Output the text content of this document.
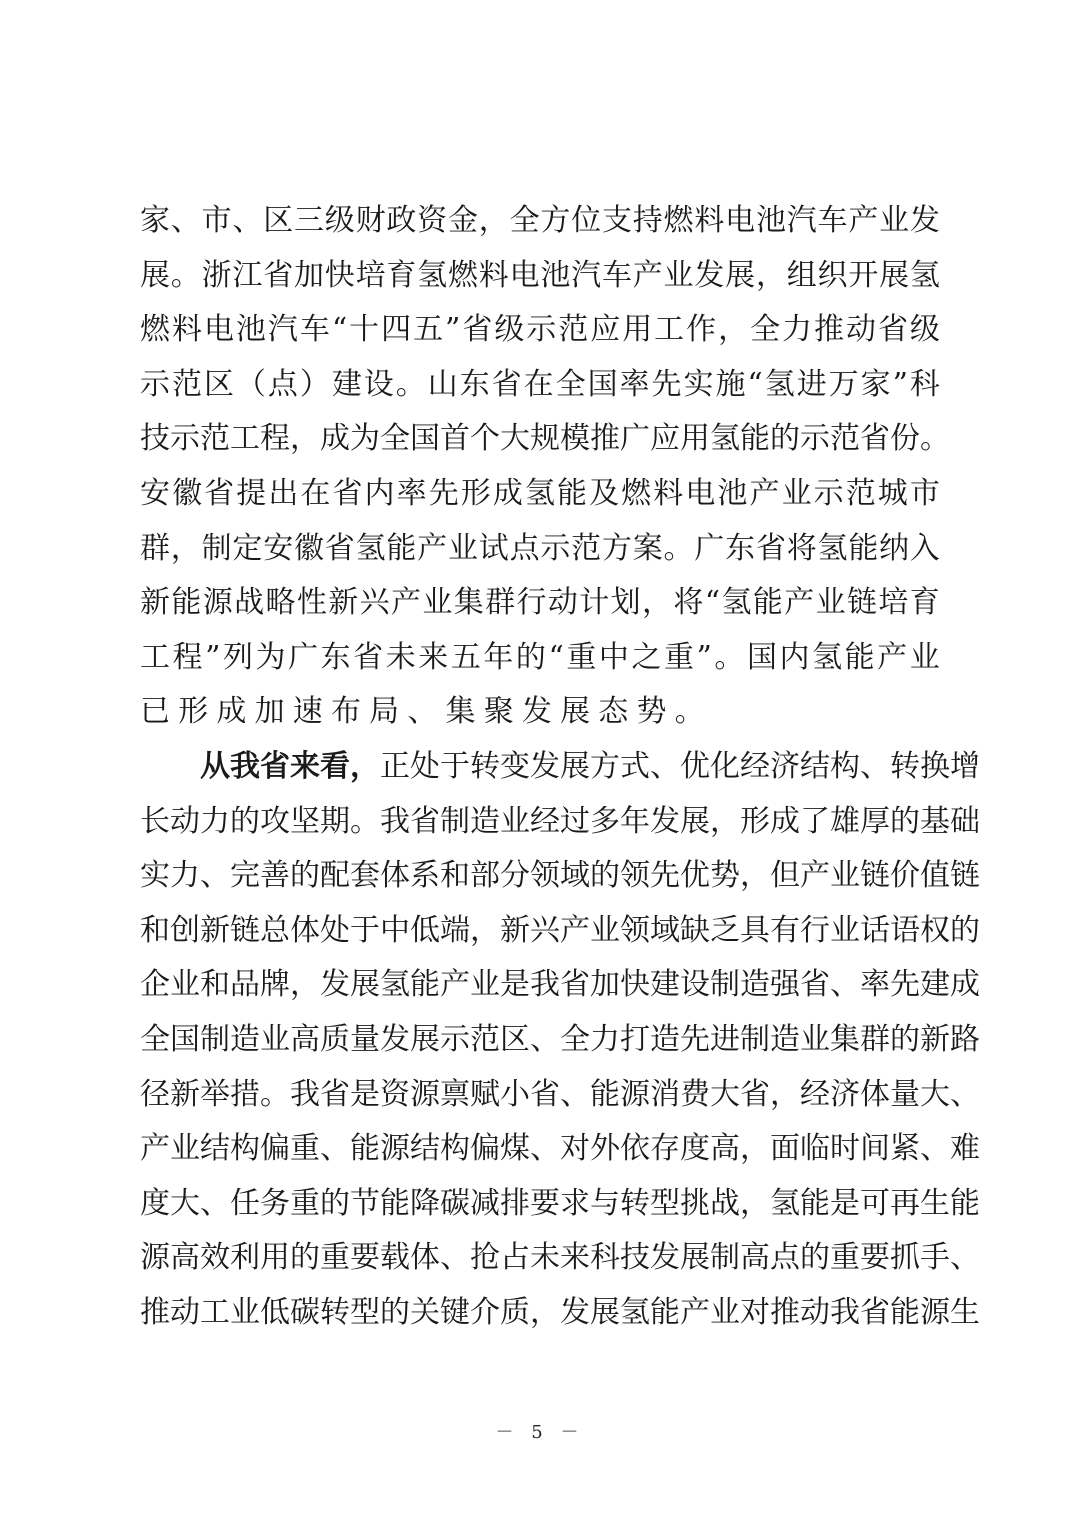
家 、 市 、 区 三 级 财 政 资 金 ， 全 方 位 支 持 燃 料 电 池 汽 车 产 业 发
展 。 浙 江 省 加 快 培 育 氢 燃 料 电 池 汽 车 产 业 发 展 ， 组 织 开 展 氢
燃 料 电 池 汽 车 “ 十 四 五 ” 省 级 示 范 应 用 工 作 ， 全 力 推 动 省 级
示 范 区 （ 点 ） 建 设 。 山 东 省 在 全 国 率 先 实 施 “ 氢 进 万 家 ” 科
技 示 范 工 程 ， 成 为 全 国 首 个 大 规 模 推 广 应 用 氢 能 的 示 范 省 份 。
安 徽 省 提 出 在 省 内 率 先 形 成 氢 能 及 燃 料 电 池 产 业 示 范 城 市
群 ， 制 定 安 徽 省 氢 能 产 业 试 点 示 范 方 案 。 广 东 省 将 氢 能 纳 入
新 能 源 战 略 性 新 兴 产 业 集 群 行 动 计 划 ， 将 “ 氢 能 产 业 链 培 育
工 程 ” 列 为 广 东 省 未 来 五 年 的 “ 重 中 之 重 ” 。 国 内 氢 能 产 业
已 形 成 加 速 布 局 、 集 聚 发 展 态 势 。
从 我 省 来 看 ， 正 处 于 转 变 发 展 方 式 、 优 化 经 济 结 构 、 转 换 增
长 动 力 的 攻 坚 期 。 我 省 制 造 业 经 过 多 年 发 展 ， 形 成 了 雄 厚 的 基 础
实 力 、 完 善 的 配 套 体 系 和 部 分 领 域 的 领 先 优 势 ， 但 产 业 链 价 值 链
和 创 新 链 总 体 处 于 中 低 端 ， 新 兴 产 业 领 域 缺 乏 具 有 行 业 话 语 权 的
企 业 和 品 牌 ， 发 展 氢 能 产 业 是 我 省 加 快 建 设 制 造 强 省 、 率 先 建 成
全 国 制 造 业 高 质 量 发 展 示 范 区 、 全 力 打 造 先 进 制 造 业 集 群 的 新 路
径 新 举 措 。 我 省 是 资 源 禀 赋 小 省 、 能 源 消 费 大 省 ， 经 济 体 量 大 、
产 业 结 构 偏 重 、 能 源 结 构 偏 煤 、 对 外 依 存 度 高 ， 面 临 时 间 紧 、 难
度 大 、 任 务 重 的 节 能 降 碳 减 排 要 求 与 转 型 挑 战 ， 氢 能 是 可 再 生 能
源 高 效 利 用 的 重 要 载 体 、 抢 占 未 来 科 技 发 展 制 高 点 的 重 要 抓 手 、
推 动 工 业 低 碳 转 型 的 关 键 介 质 ， 发 展 氢 能 产 业 对 推 动 我 省 能 源 生
－ 5 －
